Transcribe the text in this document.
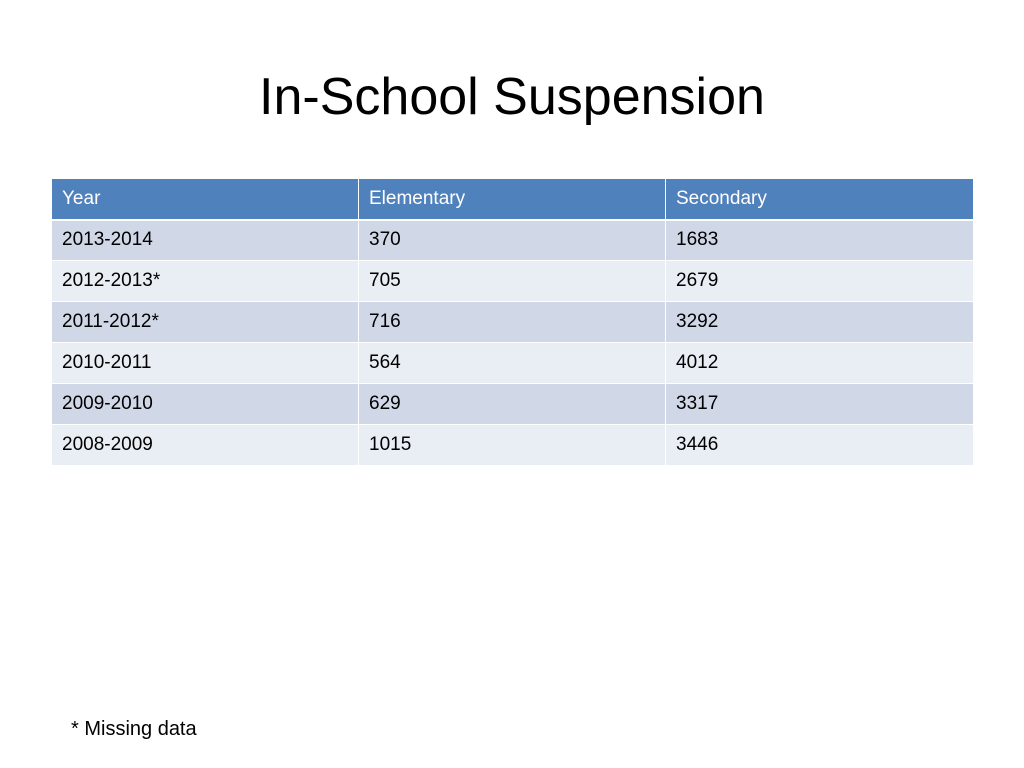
In-School Suspension
Year	Elementary	Secondary
2013-2014	370	1683
2012-2013*	705	2679
2011-2012*	716	3292
2010-2011	564	4012
2009-2010	629	3317
2008-2009	1015	3446
* Missing data
